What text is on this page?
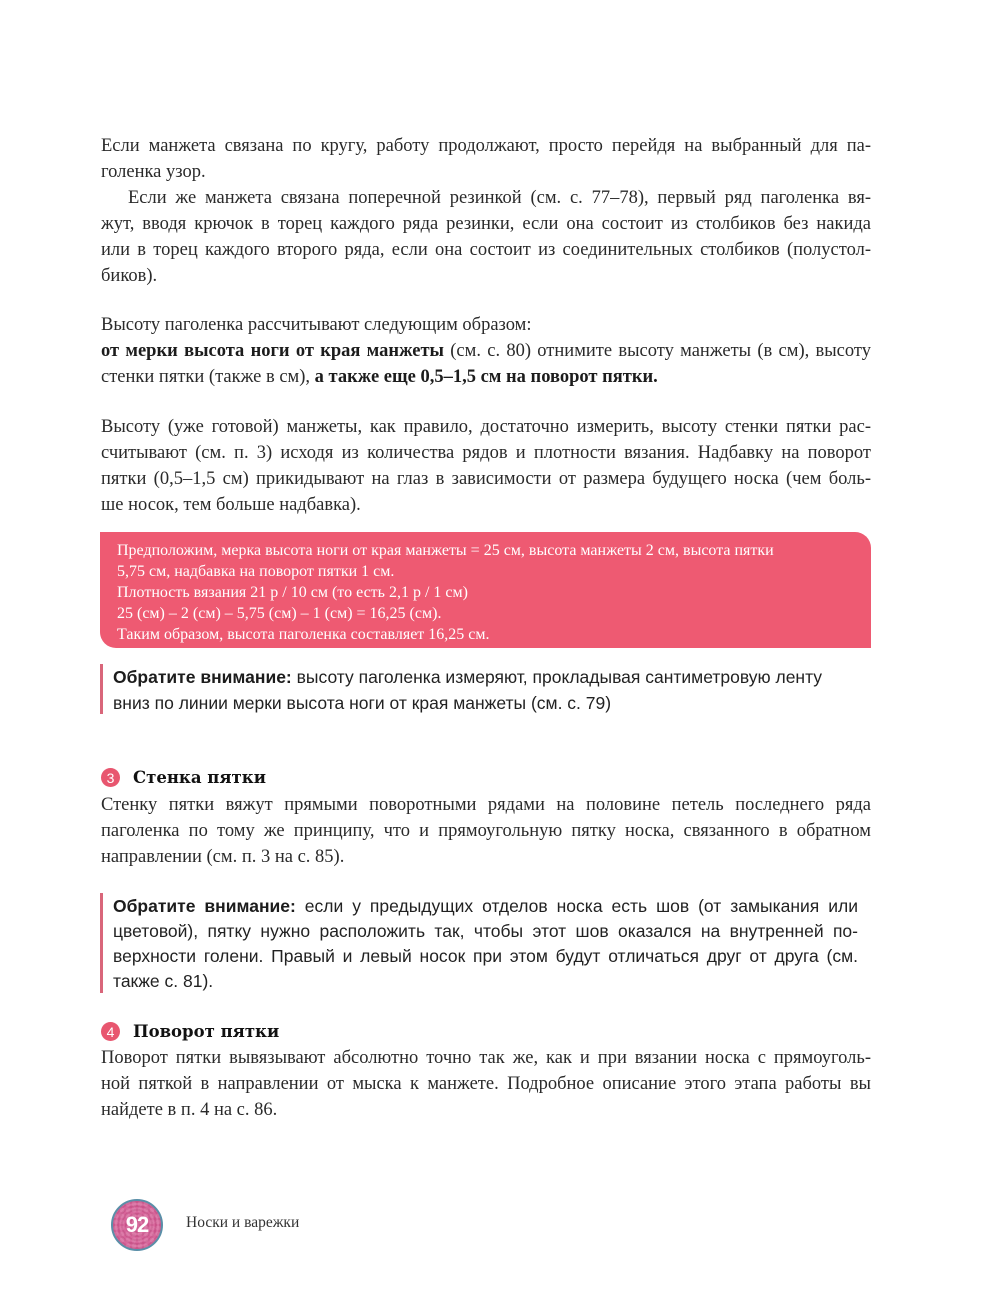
Если манжета связана по кругу, работу продолжают, просто перейдя на выбранный для па-
голенка узор.
Если же манжета связана поперечной резинкой (см. с. 77–78), первый ряд паголенка вя-
жут, вводя крючок в торец каждого ряда резинки, если она состоит из столбиков без накида
или в торец каждого второго ряда, если она состоит из соединительных столбиков (полустол-
биков).
Высоту паголенка рассчитывают следующим образом:
от мерки высота ноги от края манжеты (см. с. 80) отнимите высоту манжеты (в см), высоту
стенки пятки (также в см), а также еще 0,5–1,5 см на поворот пятки.
Высоту (уже готовой) манжеты, как правило, достаточно измерить, высоту стенки пятки рас-
считывают (см. п. 3) исходя из количества рядов и плотности вязания. Надбавку на поворот
пятки (0,5–1,5 см) прикидывают на глаз в зависимости от размера будущего носка (чем боль-
ше носок, тем больше надбавка).
Предположим, мерка высота ноги от края манжеты = 25 см, высота манжеты 2 см, высота пятки
5,75 см, надбавка на поворот пятки 1 см.
Плотность вязания 21 р / 10 см (то есть 2,1 р / 1 см)
25 (см) – 2 (см) – 5,75 (см) – 1 (см) = 16,25 (см).
Таким образом, высота паголенка составляет 16,25 см.
Обратите внимание: высоту паголенка измеряют, прокладывая сантиметровую ленту
вниз по линии мерки высота ноги от края манжеты (см. с. 79)
3	Стенка пятки
Стенку пятки вяжут прямыми поворотными рядами на половине петель последнего ряда
паголенка по тому же принципу, что и прямоугольную пятку носка, связанного в обратном
направлении (см. п. 3 на с. 85).
Обратите внимание: если у предыдущих отделов носка есть шов (от замыкания или
цветовой), пятку нужно расположить так, чтобы этот шов оказался на внутренней по-
верхности голени. Правый и левый носок при этом будут отличаться друг от друга (см.
также с. 81).
4	Поворот пятки
Поворот пятки вывязывают абсолютно точно так же, как и при вязании носка с прямоуголь-
ной пяткой в направлении от мыска к манжете. Подробное описание этого этапа работы вы
найдете в п. 4 на с. 86.
92 Носки и варежки
